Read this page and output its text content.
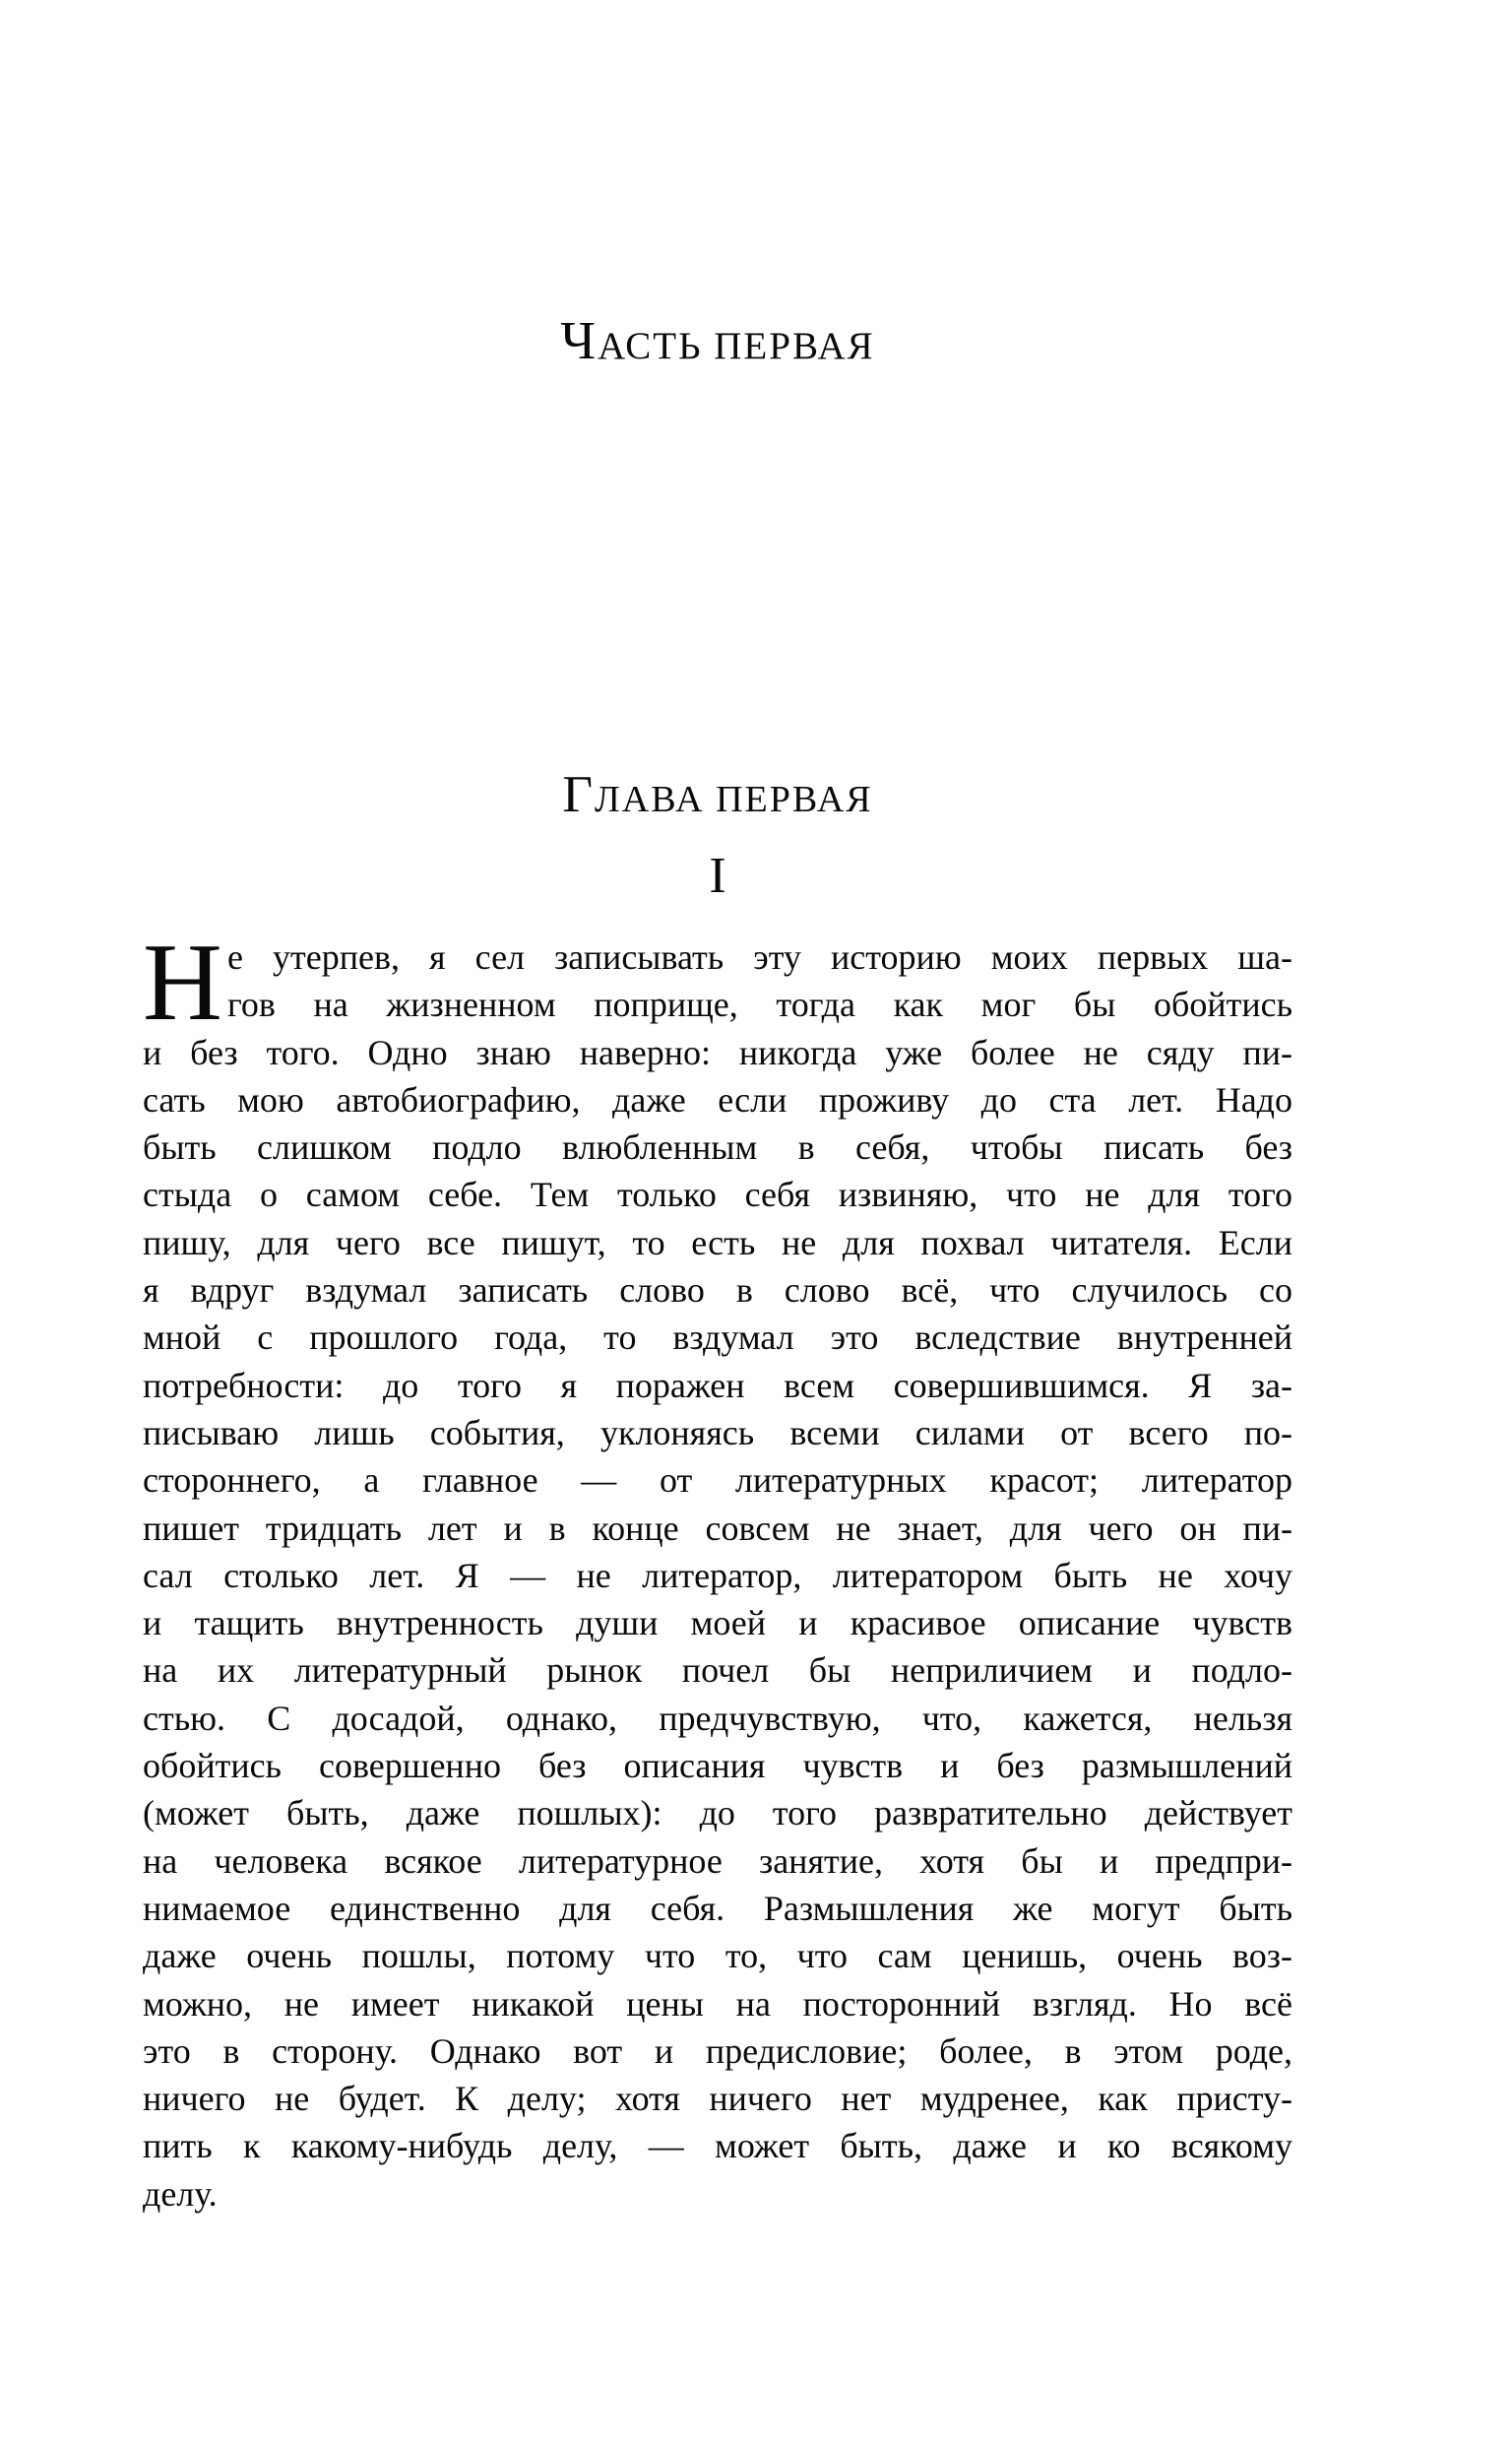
ЧАСТЬ ПЕРВАЯ
ГЛАВА ПЕРВАЯ
I
Н е утерпев, я сел записывать эту историю моих первых ша-
гов на жизненном поприще, тогда как мог бы обойтись
и без того. Одно знаю наверно: никогда уже более не сяду пи-
сать мою автобиографию, даже если проживу до ста лет. Надо
быть слишком подло влюбленным в себя, чтобы писать без
стыда о самом себе. Тем только себя извиняю, что не для того
пишу, для чего все пишут, то есть не для похвал читателя. Если
я вдруг вздумал записать слово в слово всё, что случилось со
мной с прошлого года, то вздумал это вследствие внутренней
потребности: до того я поражен всем совершившимся. Я за-
писываю лишь события, уклоняясь всеми силами от всего по-
стороннего, а главное — от литературных красот; литератор
пишет тридцать лет и в конце совсем не знает, для чего он пи-
сал столько лет. Я — не литератор, литератором быть не хочу
и тащить внутренность души моей и красивое описание чувств
на их литературный рынок почел бы неприличием и подло-
стью. С досадой, однако, предчувствую, что, кажется, нельзя
обойтись совершенно без описания чувств и без размышлений
(может быть, даже пошлых): до того развратительно действует
на человека всякое литературное занятие, хотя бы и предпри-
нимаемое единственно для себя. Размышления же могут быть
даже очень пошлы, потому что то, что сам ценишь, очень воз-
можно, не имеет никакой цены на посторонний взгляд. Но всё
это в сторону. Однако вот и предисловие; более, в этом роде,
ничего не будет. К делу; хотя ничего нет мудренее, как присту-
пить к какому-нибудь делу, — может быть, даже и ко всякому
делу.
